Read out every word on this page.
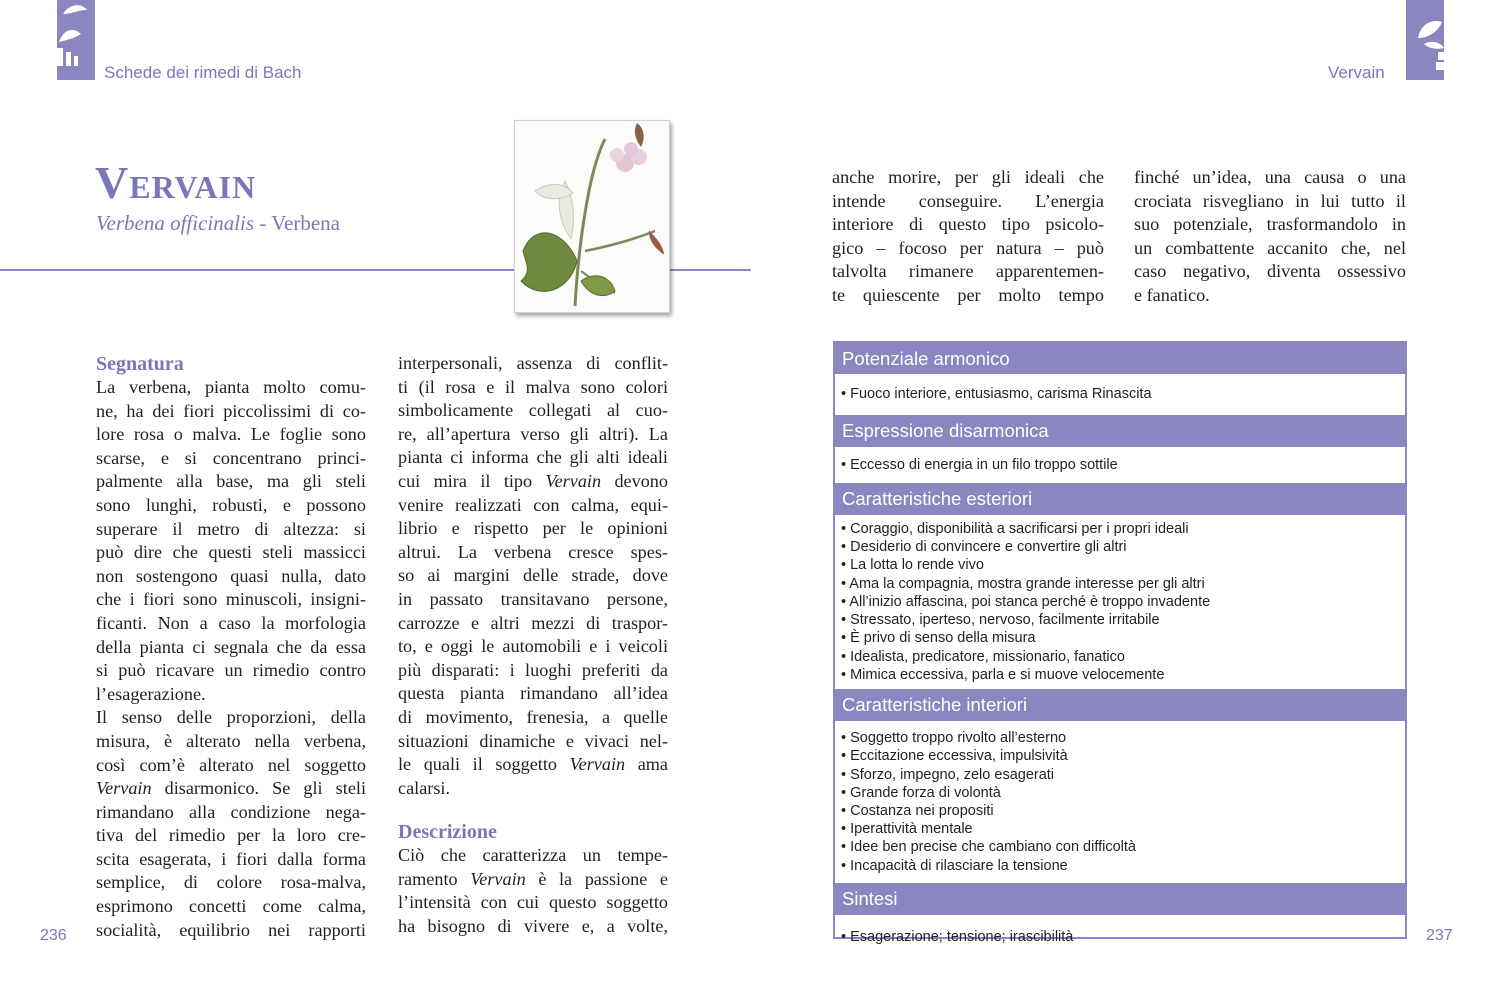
Schede dei rimedi di Bach	Vervain
Vervain
Verbena officinalis - Verbena
Segnatura

La verbena, pianta molto comu-

ne, ha dei fiori piccolissimi di co-

lore rosa o malva. Le foglie sono

scarse, e si concentrano princi-

palmente alla base, ma gli steli

sono lunghi, robusti, e possono

superare il metro di altezza: si

può dire che questi steli massicci

non sostengono quasi nulla, dato

che i fiori sono minuscoli, insigni-

ficanti. Non a caso la morfologia

della pianta ci segnala che da essa

si può ricavare un rimedio contro

l’esagerazione.

Il senso delle proporzioni, della

misura, è alterato nella verbena,

così com’è alterato nel soggetto

Vervain disarmonico. Se gli steli

rimandano alla condizione nega-

tiva del rimedio per la loro cre-

scita esagerata, i fiori dalla forma

semplice, di colore rosa-malva,

esprimono concetti come calma,

socialità, equilibrio nei rapporti

interpersonali, assenza di conflit-

ti (il rosa e il malva sono colori

simbolicamente collegati al cuo-

re, all’apertura verso gli altri). La

pianta ci informa che gli alti ideali

cui mira il tipo Vervain devono

venire realizzati con calma, equi-

librio e rispetto per le opinioni

altrui. La verbena cresce spes-

so ai margini delle strade, dove

in passato transitavano persone,

carrozze e altri mezzi di traspor-

to, e oggi le automobili e i veicoli

più disparati: i luoghi preferiti da

questa pianta rimandano all’idea

di movimento, frenesia, a quelle

situazioni dinamiche e vivaci nel-

le quali il soggetto Vervain ama

calarsi.

Descrizione

Ciò che caratterizza un tempe-

ramento Vervain è la passione e

l’intensità con cui questo soggetto

ha bisogno di vivere e, a volte,

anche morire, per gli ideali che

intende conseguire. L’energia

interiore di questo tipo psicolo-

gico – focoso per natura – può

talvolta rimanere apparentemen-

te quiescente per molto tempo

finché un’idea, una causa o una

crociata risvegliano in lui tutto il

suo potenziale, trasformandolo in

un combattente accanito che, nel

caso negativo, diventa ossessivo

e fanatico.

Potenziale armonico
• Fuoco interiore, entusiasmo, carisma Rinascita
Espressione disarmonica
• Eccesso di energia in un filo troppo sottile
Caratteristiche esteriori
• Coraggio, disponibilità a sacrificarsi per i propri ideali
• Desiderio di convincere e convertire gli altri
• La lotta lo rende vivo
• Ama la compagnia, mostra grande interesse per gli altri
• All’inizio affascina, poi stanca perché è troppo invadente
• Stressato, iperteso, nervoso, facilmente irritabile
• È privo di senso della misura
• Idealista, predicatore, missionario, fanatico
• Mimica eccessiva, parla e si muove velocemente
Caratteristiche interiori
• Soggetto troppo rivolto all’esterno
• Eccitazione eccessiva, impulsività
• Sforzo, impegno, zelo esagerati
• Grande forza di volontà
• Costanza nei propositi
• Iperattività mentale
• Idee ben precise che cambiano con difficoltà
• Incapacità di rilasciare la tensione
Sintesi
• Esagerazione; tensione; irascibilità
236	237
